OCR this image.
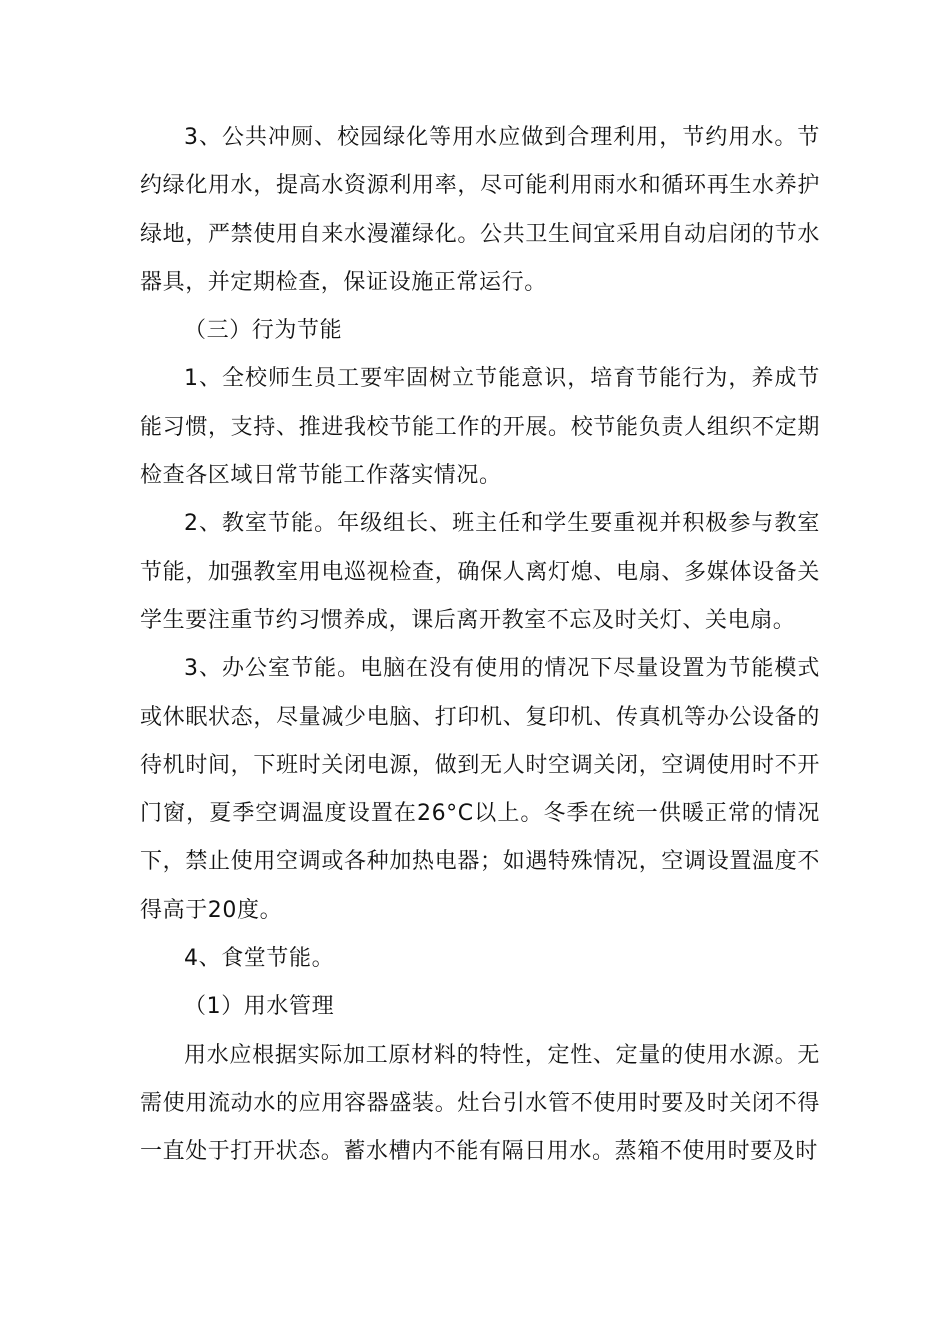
3、公共冲厕、校园绿化等用水应做到合理利用，节约用水。节约绿化用水，提高水资源利用率，尽可能利用雨水和循环再生水养护绿地，严禁使用自来水漫灌绿化。公共卫生间宜采用自动启闭的节水器具，并定期检查，保证设施正常运行。

（三）行为节能

1、全校师生员工要牢固树立节能意识，培育节能行为，养成节能习惯，支持、推进我校节能工作的开展。校节能负责人组织不定期检查各区域日常节能工作落实情况。

2、教室节能。年级组长、班主任和学生要重视并积极参与教室节能，加强教室用电巡视检查，确保人离灯熄、电扇、多媒体设备关学生要注重节约习惯养成，课后离开教室不忘及时关灯、关电扇。

3、办公室节能。电脑在没有使用的情况下尽量设置为节能模式或休眠状态，尽量减少电脑、打印机、复印机、传真机等办公设备的待机时间，下班时关闭电源，做到无人时空调关闭，空调使用时不开门窗，夏季空调温度设置在26°C以上。冬季在统一供暖正常的情况下，禁止使用空调或各种加热电器；如遇特殊情况，空调设置温度不得高于20度。

4、食堂节能。

（1）用水管理

用水应根据实际加工原材料的特性，定性、定量的使用水源。无需使用流动水的应用容器盛装。灶台引水管不使用时要及时关闭不得一直处于打开状态。蓄水槽内不能有隔日用水。蒸箱不使用时要及时
